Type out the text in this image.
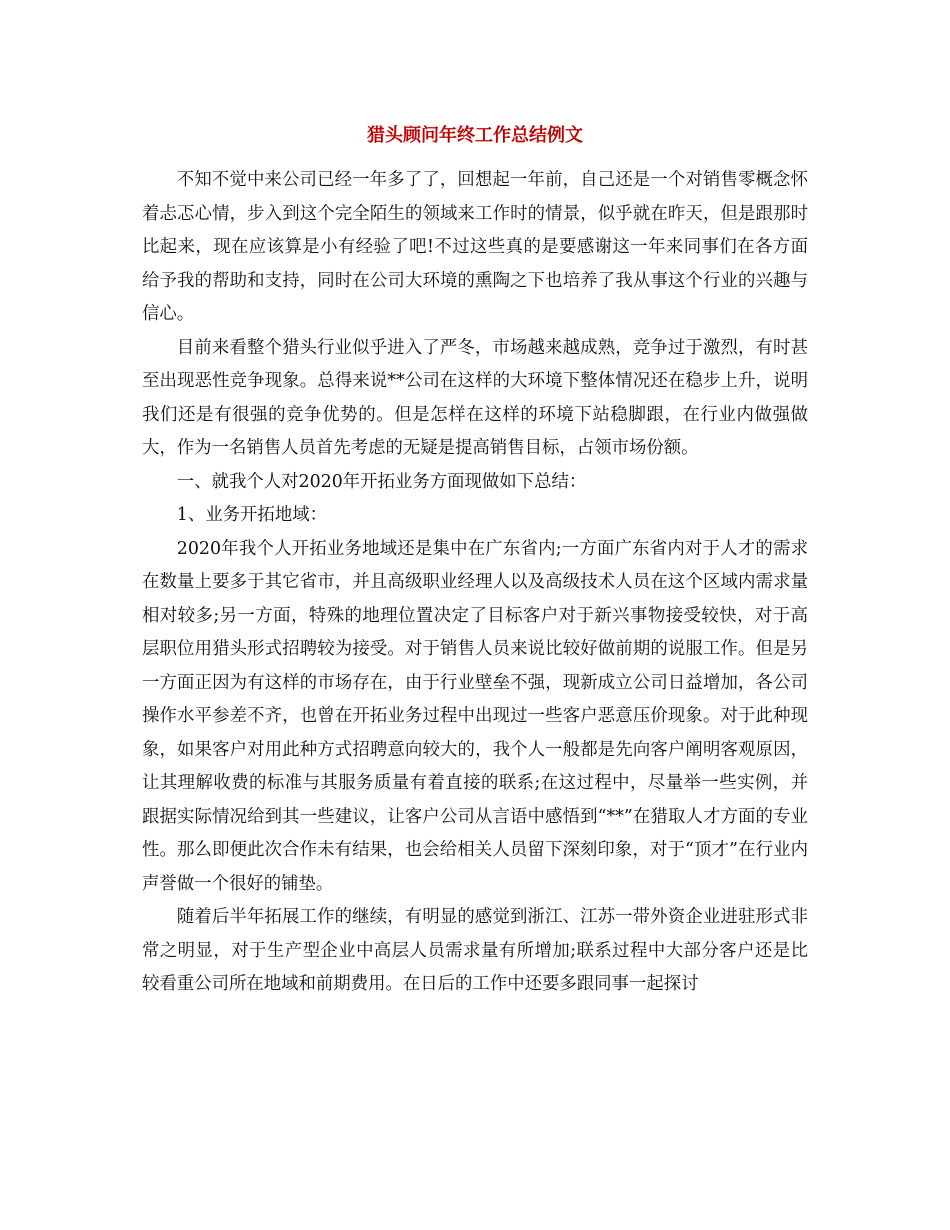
猎头顾问年终工作总结例文

不知不觉中来公司已经一年多了了，回想起一年前，自己还是一个对销售零概念怀着忐忑心情，步入到这个完全陌生的领域来工作时的情景，似乎就在昨天，但是跟那时比起来，现在应该算是小有经验了吧!不过这些真的是要感谢这一年来同事们在各方面给予我的帮助和支持，同时在公司大环境的熏陶之下也培养了我从事这个行业的兴趣与信心。

目前来看整个猎头行业似乎进入了严冬，市场越来越成熟，竞争过于激烈，有时甚至出现恶性竞争现象。总得来说**公司在这样的大环境下整体情况还在稳步上升，说明我们还是有很强的竞争优势的。但是怎样在这样的环境下站稳脚跟，在行业内做强做大，作为一名销售人员首先考虑的无疑是提高销售目标，占领市场份额。

一、就我个人对2020年开拓业务方面现做如下总结：

1、业务开拓地域：

2020年我个人开拓业务地域还是集中在广东省内;一方面广东省内对于人才的需求在数量上要多于其它省市，并且高级职业经理人以及高级技术人员在这个区域内需求量相对较多;另一方面，特殊的地理位置决定了目标客户对于新兴事物接受较快，对于高层职位用猎头形式招聘较为接受。对于销售人员来说比较好做前期的说服工作。但是另一方面正因为有这样的市场存在，由于行业壁垒不强，现新成立公司日益增加，各公司操作水平参差不齐，也曾在开拓业务过程中出现过一些客户恶意压价现象。对于此种现象，如果客户对用此种方式招聘意向较大的，我个人一般都是先向客户阐明客观原因，让其理解收费的标准与其服务质量有着直接的联系;在这过程中，尽量举一些实例，并跟据实际情况给到其一些建议，让客户公司从言语中感悟到“**”在猎取人才方面的专业性。那么即便此次合作未有结果，也会给相关人员留下深刻印象，对于“顶才”在行业内声誉做一个很好的铺垫。

随着后半年拓展工作的继续，有明显的感觉到浙江、江苏一带外资企业进驻形式非常之明显，对于生产型企业中高层人员需求量有所增加;联系过程中大部分客户还是比较看重公司所在地域和前期费用。在日后的工作中还要多跟同事一起探讨
